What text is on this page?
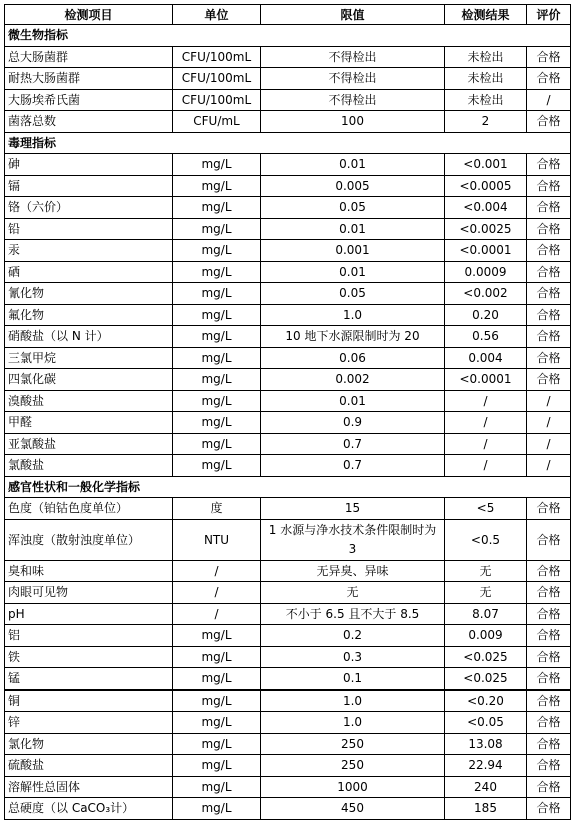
检测项目	单位	限值	检测结果	评价
微生物指标				
总大肠菌群	CFU/100mL	不得检出	未检出	合格
耐热大肠菌群	CFU/100mL	不得检出	未检出	合格
大肠埃希氏菌	CFU/100mL	不得检出	未检出	/
菌落总数	CFU/mL	100	2	合格
毒理指标				
砷	mg/L	0.01	<0.001	合格
镉	mg/L	0.005	<0.0005	合格
铬（六价）	mg/L	0.05	<0.004	合格
铅	mg/L	0.01	<0.0025	合格
汞	mg/L	0.001	<0.0001	合格
硒	mg/L	0.01	0.0009	合格
氰化物	mg/L	0.05	<0.002	合格
氟化物	mg/L	1.0	0.20	合格
硝酸盐（以 N 计）	mg/L	10 地下水源限制时为 20	0.56	合格
三氯甲烷	mg/L	0.06	0.004	合格
四氯化碳	mg/L	0.002	<0.0001	合格
溴酸盐	mg/L	0.01	/	/
甲醛	mg/L	0.9	/	/
亚氯酸盐	mg/L	0.7	/	/
氯酸盐	mg/L	0.7	/	/
感官性状和一般化学指标				
色度（铂钴色度单位）	度	15	<5	合格
浑浊度（散射浊度单位）	NTU	1 水源与净水技术条件限制时为 3	<0.5	合格
臭和味	/	无异臭、异味	无	合格
肉眼可见物	/	无	无	合格
pH	/	不小于 6.5 且不大于 8.5	8.07	合格
铝	mg/L	0.2	0.009	合格
铁	mg/L	0.3	<0.025	合格
锰	mg/L	0.1	<0.025	合格
铜	mg/L	1.0	<0.20	合格
锌	mg/L	1.0	<0.05	合格
氯化物	mg/L	250	13.08	合格
硫酸盐	mg/L	250	22.94	合格
溶解性总固体	mg/L	1000	240	合格
总硬度（以 CaCO₃计）	mg/L	450	185	合格
